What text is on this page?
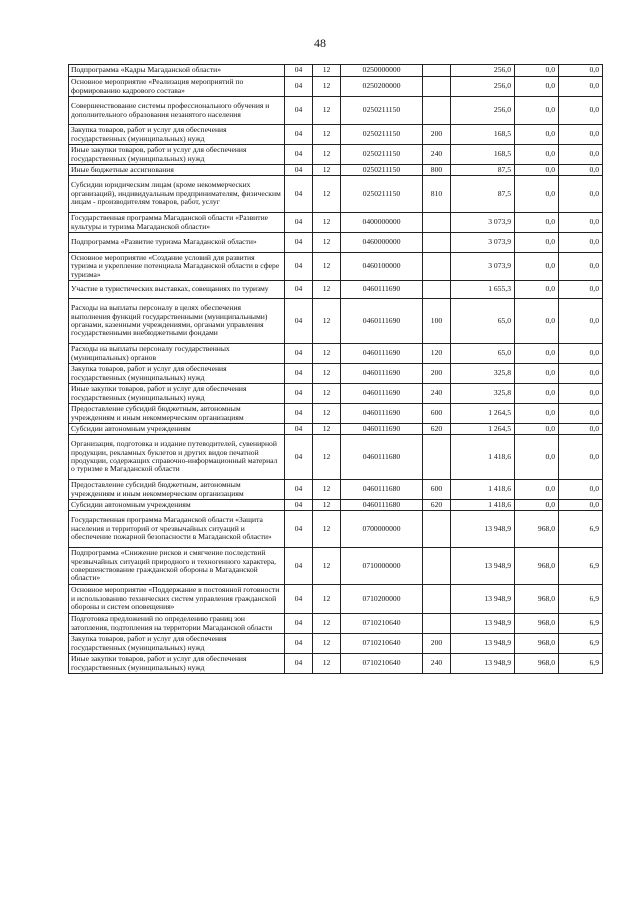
48
Подпрограмма «Кадры Магаданской области»	04	12	0250000000		256,0	0,0	0,0
Основное мероприятие «Реализация мероприятий по формированию кадрового состава»	04	12	0250200000		256,0	0,0	0,0
Совершенствование системы профессионального обучения и дополнительного образования незанятого населения	04	12	0250211150		256,0	0,0	0,0
Закупка товаров, работ и услуг для обеспечения государственных (муниципальных) нужд	04	12	0250211150	200	168,5	0,0	0,0
Иные закупки товаров, работ и услуг для обеспечения государственных (муниципальных) нужд	04	12	0250211150	240	168,5	0,0	0,0
Иные бюджетные ассигнования	04	12	0250211150	800	87,5	0,0	0,0
Субсидии юридическим лицам (кроме некоммерческих организаций), индивидуальным предпринимателям, физическим лицам - производителям товаров, работ, услуг	04	12	0250211150	810	87,5	0,0	0,0
Государственная программа Магаданской области «Развитие культуры и туризма Магаданской области»	04	12	0400000000		3 073,9	0,0	0,0
Подпрограмма «Развитие туризма Магаданской области»	04	12	0460000000		3 073,9	0,0	0,0
Основное мероприятие «Создание условий для развития туризма и укрепление потенциала Магаданской области в сфере туризма»	04	12	0460100000		3 073,9	0,0	0,0
Участие в туристических выставках, совещаниях по туризму	04	12	0460111690		1 655,3	0,0	0,0
Расходы на выплаты персоналу в целях обеспечения выполнения функций государственными (муниципальными) органами, казенными учреждениями, органами управления государственными внебюджетными фондами	04	12	0460111690	100	65,0	0,0	0,0
Расходы на выплаты персоналу государственных (муниципальных) органов	04	12	0460111690	120	65,0	0,0	0,0
Закупка товаров, работ и услуг для обеспечения государственных (муниципальных) нужд	04	12	0460111690	200	325,8	0,0	0,0
Иные закупки товаров, работ и услуг для обеспечения государственных (муниципальных) нужд	04	12	0460111690	240	325,8	0,0	0,0
Предоставление субсидий бюджетным, автономным учреждениям и иным некоммерческим организациям	04	12	0460111690	600	1 264,5	0,0	0,0
Субсидии автономным учреждениям	04	12	0460111690	620	1 264,5	0,0	0,0
Организация, подготовка и издание путеводителей, сувенирной продукции, рекламных буклетов и других видов печатной продукции, содержащих справочно-информационный материал о туризме в Магаданской области	04	12	0460111680		1 418,6	0,0	0,0
Предоставление субсидий бюджетным, автономным учреждениям и иным некоммерческим организациям	04	12	0460111680	600	1 418,6	0,0	0,0
Субсидии автономным учреждениям	04	12	0460111680	620	1 418,6	0,0	0,0
Государственная программа Магаданской области «Защита населения и территорий от чрезвычайных ситуаций и обеспечение пожарной безопасности в Магаданской области»	04	12	0700000000		13 948,9	968,0	6,9
Подпрограмма «Снижение рисков и смягчение последствий чрезвычайных ситуаций природного и техногенного характера, совершенствование гражданской обороны в Магаданской области»	04	12	0710000000		13 948,9	968,0	6,9
Основное мероприятие «Поддержание в постоянной готовности и использованию технических систем управления гражданской обороны и систем оповещения»	04	12	0710200000		13 948,9	968,0	6,9
Подготовка предложений по определению границ зон затопления, подтопления на территории Магаданской области	04	12	0710210640		13 948,9	968,0	6,9
Закупка товаров, работ и услуг для обеспечения государственных (муниципальных) нужд	04	12	0710210640	200	13 948,9	968,0	6,9
Иные закупки товаров, работ и услуг для обеспечения государственных (муниципальных) нужд	04	12	0710210640	240	13 948,9	968,0	6,9
